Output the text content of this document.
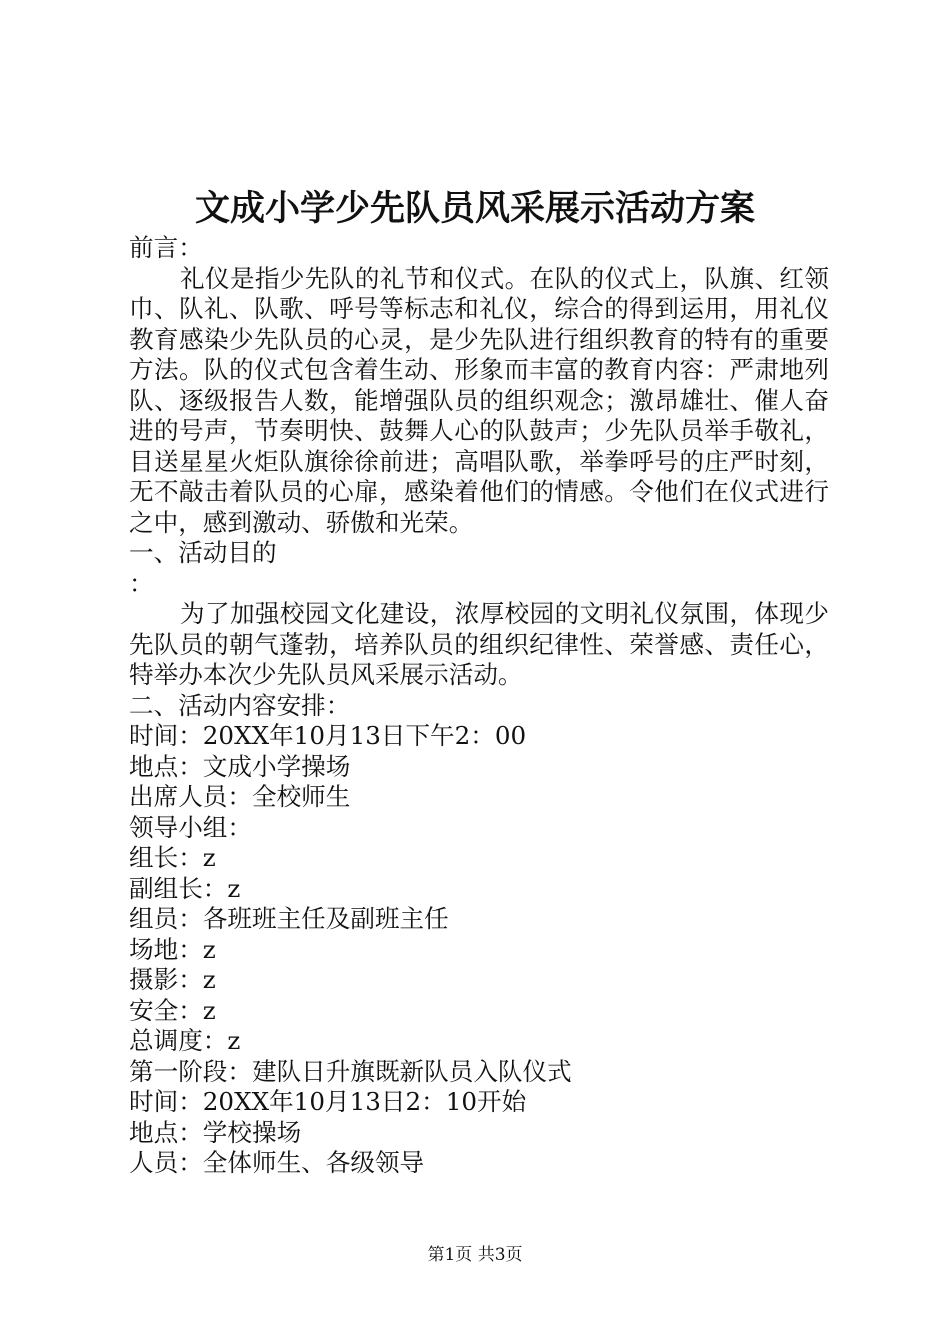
文成小学少先队员风采展示活动方案

前言：

礼仪是指少先队的礼节和仪式。在队的仪式上，队旗、红领巾、队礼、队歌、呼号等标志和礼仪，综合的得到运用，用礼仪教育感染少先队员的心灵，是少先队进行组织教育的特有的重要方法。队的仪式包含着生动、形象而丰富的教育内容：严肃地列队、逐级报告人数，能增强队员的组织观念；激昂雄壮、催人奋进的号声，节奏明快、鼓舞人心的队鼓声；少先队员举手敬礼，目送星星火炬队旗徐徐前进；高唱队歌，举拳呼号的庄严时刻，无不敲击着队员的心扉，感染着他们的情感。令他们在仪式进行之中，感到激动、骄傲和光荣。

一、活动目的

：

为了加强校园文化建设，浓厚校园的文明礼仪氛围，体现少先队员的朝气蓬勃，培养队员的组织纪律性、荣誉感、责任心，特举办本次少先队员风采展示活动。

二、活动内容安排：

时间：20XX年10月13日下午2：00

地点：文成小学操场

出席人员：全校师生

领导小组：

组长：z

副组长：z

组员：各班班主任及副班主任

场地：z

摄影：z

安全：z

总调度：z

第一阶段：建队日升旗既新队员入队仪式

时间：20XX年10月13日2：10开始

地点：学校操场

人员：全体师生、各级领导

第1页 共3页
